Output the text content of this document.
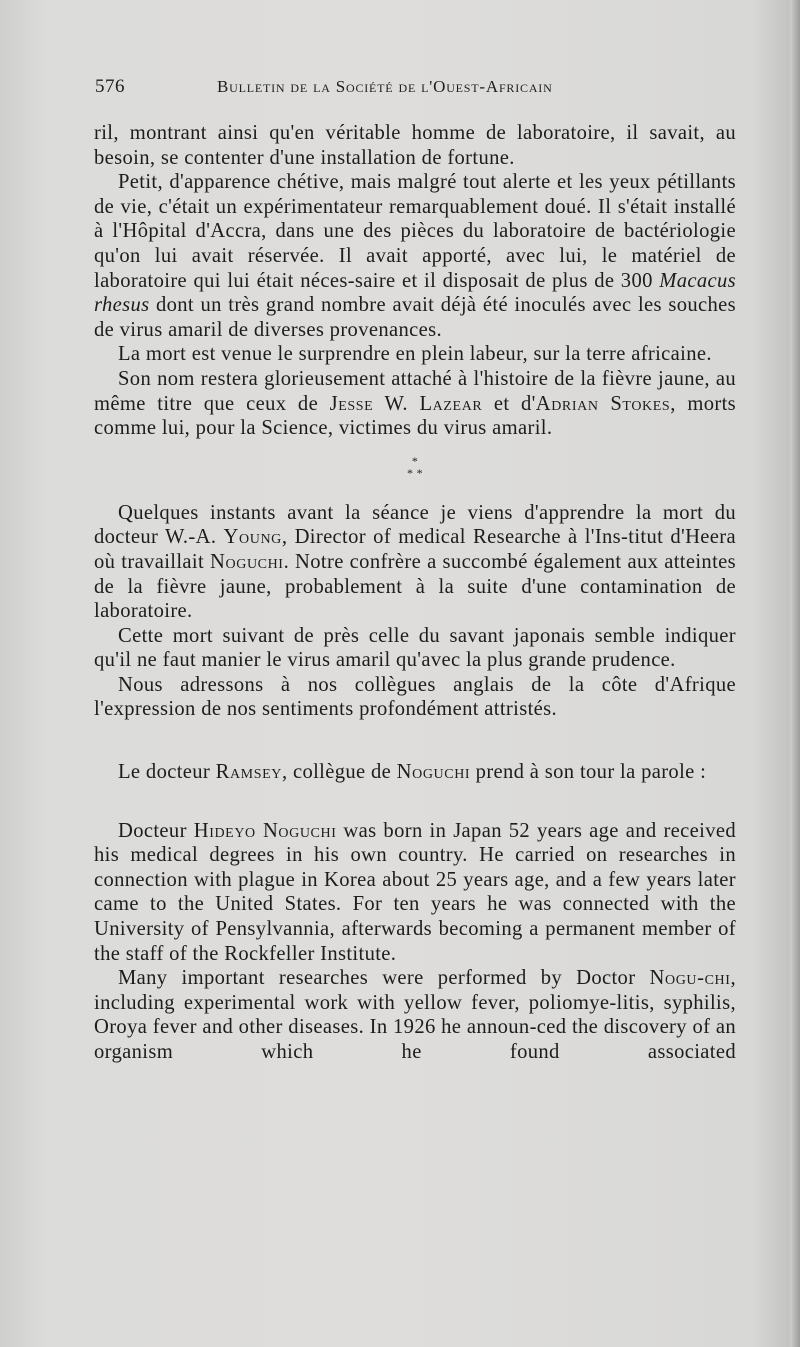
576	Bulletin de la Société de l'Ouest-Africain

ril, montrant ainsi qu'en véritable homme de laboratoire, il savait, au besoin, se contenter d'une installation de fortune.

Petit, d'apparence chétive, mais malgré tout alerte et les yeux pétillants de vie, c'était un expérimentateur remarquablement doué. Il s'était installé à l'Hôpital d'Accra, dans une des pièces du laboratoire de bactériologie qu'on lui avait réservée. Il avait apporté, avec lui, le matériel de laboratoire qui lui était néces-saire et il disposait de plus de 300 Macacus rhesus dont un très grand nombre avait déjà été inoculés avec les souches de virus amaril de diverses provenances.

La mort est venue le surprendre en plein labeur, sur la terre africaine.

Son nom restera glorieusement attaché à l'histoire de la fièvre jaune, au même titre que ceux de Jesse W. Lazear et d'Adrian Stokes, morts comme lui, pour la Science, victimes du virus amaril.

*
* *

Quelques instants avant la séance je viens d'apprendre la mort du docteur W.-A. Young, Director of medical Researche à l'Ins-titut d'Heera où travaillait Noguchi. Notre confrère a succombé également aux atteintes de la fièvre jaune, probablement à la suite d'une contamination de laboratoire.

Cette mort suivant de près celle du savant japonais semble indiquer qu'il ne faut manier le virus amaril qu'avec la plus grande prudence.

Nous adressons à nos collègues anglais de la côte d'Afrique l'expression de nos sentiments profondément attristés.

Le docteur Ramsey, collègue de Noguchi prend à son tour la parole :

Docteur Hideyo Noguchi was born in Japan 52 years age and received his medical degrees in his own country. He carried on researches in connection with plague in Korea about 25 years age, and a few years later came to the United States. For ten years he was connected with the University of Pensylvannia, afterwards becoming a permanent member of the staff of the Rockfeller Institute.

Many important researches were performed by Doctor Nogu-chi, including experimental work with yellow fever, poliomye-litis, syphilis, Oroya fever and other diseases. In 1926 he announ-ced the discovery of an organism which he found associated
